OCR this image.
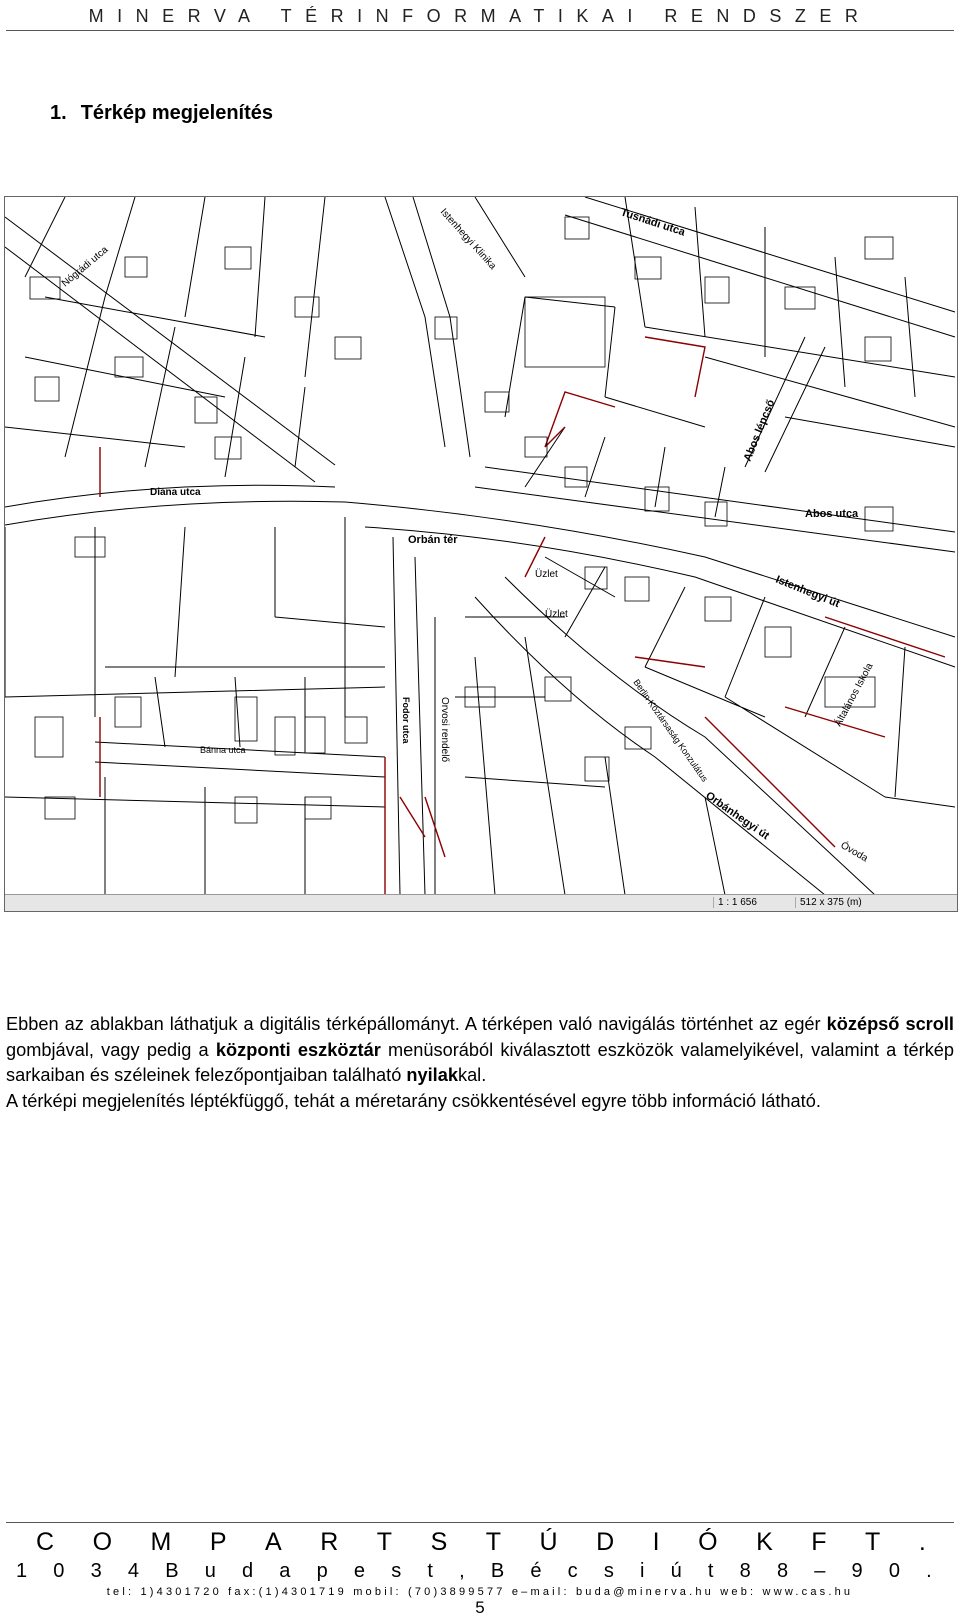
MINERVA TÉRINFORMATIKAI RENDSZER
1. Térkép megjelenítés
Tusnádi utca
Nógrádi utca
Diana utca
Orbán tér
Abos utca
Abos lépcső
Istenhegyi út
Istenhegyi Klinika
Általános Iskola
Üzlet
Üzlet
Orvosi rendelő
Fodor utca
Bánna utca	Berlin Köztársaság Konzulátus
Orbánhegyi út
Óvoda
1 : 1 656	512 x 375 (m)

Ebben az ablakban láthatjuk a digitális térképállományt. A térképen való navigálás történhet az egér középső scroll gombjával, vagy pedig a központi eszköztár menüsorából kiválasztott eszközök valamelyikével, valamint a térkép sarkaiban és széleinek felezőpontjaiban található nyilakkal.

A térképi megjelenítés léptékfüggő, tehát a méretarány csökkentésével egyre több információ látható.

C O M P A R T S T Ú D I Ó K F T .
1 0 3 4 B u d a p e s t , B é c s i ú t 8 8 – 9 0 .
tel: 1)4301720 fax:(1)4301719 mobil: (70)3899577 e–mail: buda@minerva.hu web: www.cas.hu
5
